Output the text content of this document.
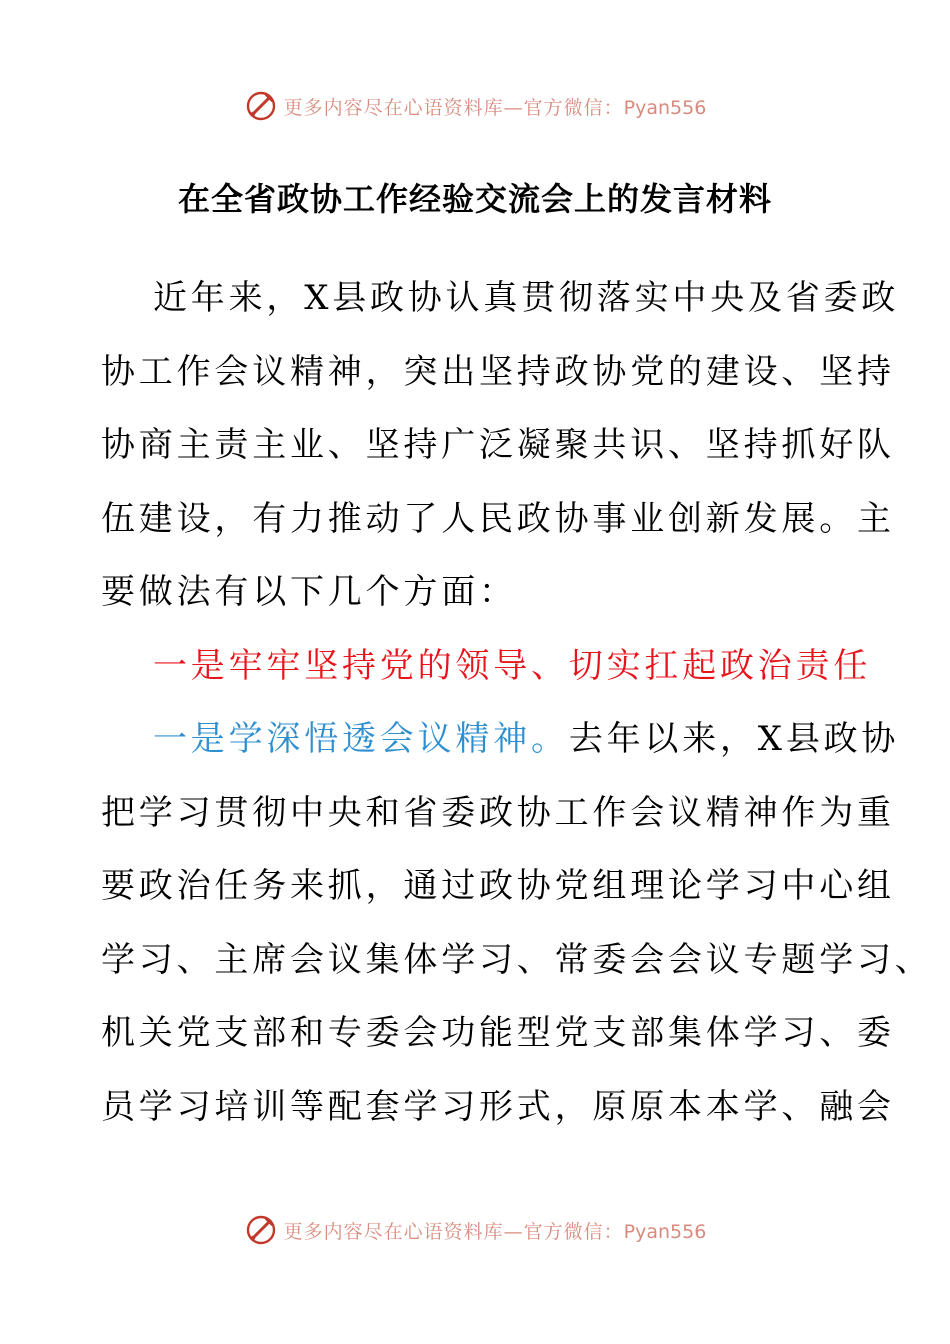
更多内容尽在心语资料库—官方微信：Pyan556
在全省政协工作经验交流会上的发言材料
近年来，X县政协认真贯彻落实中央及省委政
协工作会议精神，突出坚持政协党的建设、坚持
协商主责主业、坚持广泛凝聚共识、坚持抓好队
伍建设，有力推动了人民政协事业创新发展。主
要做法有以下几个方面：
一是牢牢坚持党的领导、切实扛起政治责任
一是学深悟透会议精神。去年以来，X县政协
把学习贯彻中央和省委政协工作会议精神作为重
要政治任务来抓，通过政协党组理论学习中心组
学习、主席会议集体学习、常委会会议专题学习、
机关党支部和专委会功能型党支部集体学习、委
员学习培训等配套学习形式，原原本本学、融会
更多内容尽在心语资料库—官方微信：Pyan556
